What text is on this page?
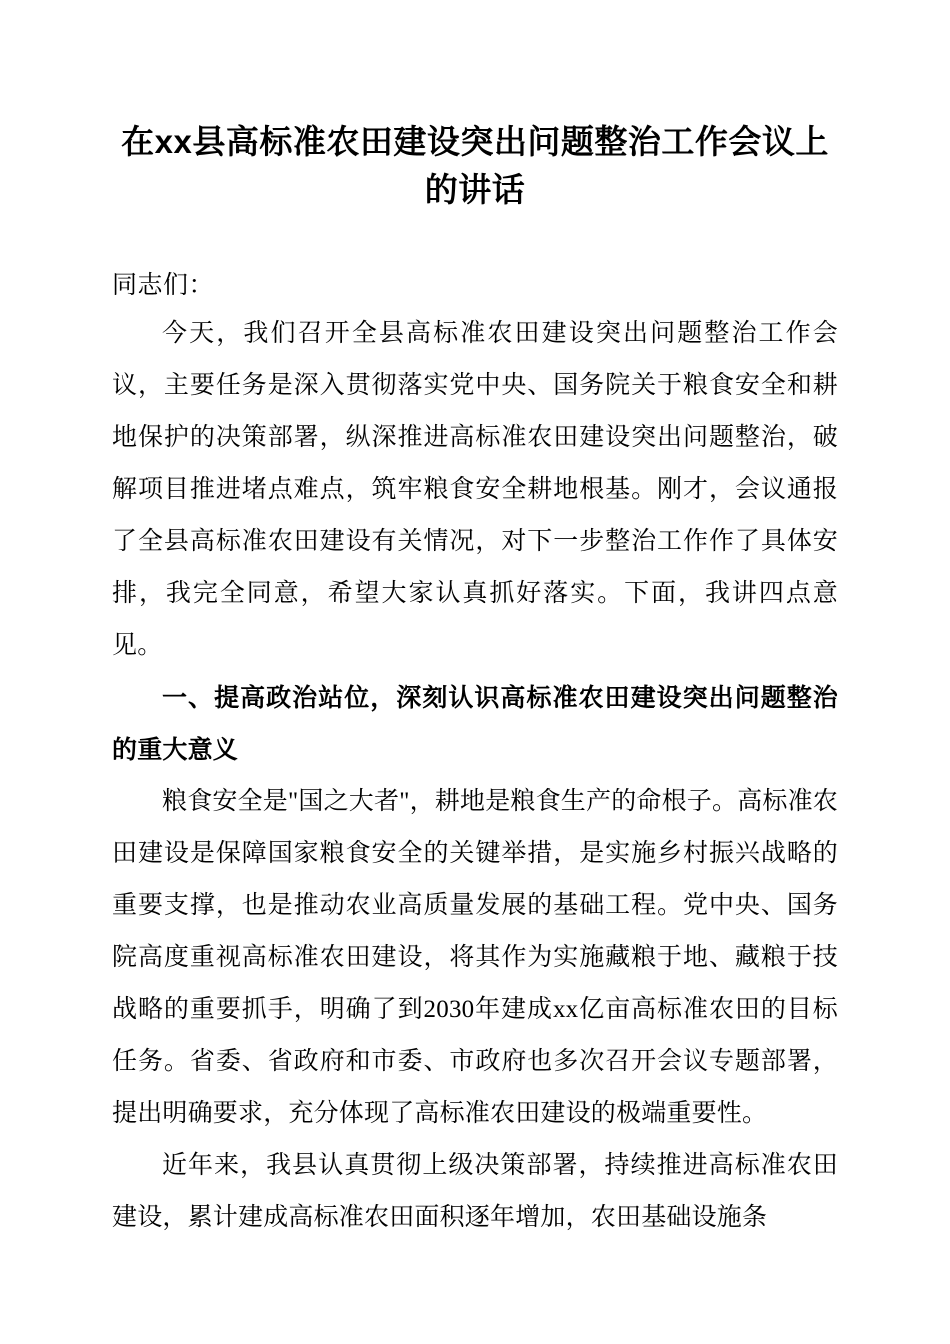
在xx县高标准农田建设突出问题整治工作会议上的讲话

同志们：

今天，我们召开全县高标准农田建设突出问题整治工作会议，主要任务是深入贯彻落实党中央、国务院关于粮食安全和耕地保护的决策部署，纵深推进高标准农田建设突出问题整治，破解项目推进堵点难点，筑牢粮食安全耕地根基。刚才，会议通报了全县高标准农田建设有关情况，对下一步整治工作作了具体安排，我完全同意，希望大家认真抓好落实。下面，我讲四点意见。

一、提高政治站位，深刻认识高标准农田建设突出问题整治的重大意义

粮食安全是"国之大者"，耕地是粮食生产的命根子。高标准农田建设是保障国家粮食安全的关键举措，是实施乡村振兴战略的重要支撑，也是推动农业高质量发展的基础工程。党中央、国务院高度重视高标准农田建设，将其作为实施藏粮于地、藏粮于技战略的重要抓手，明确了到2030年建成xx亿亩高标准农田的目标任务。省委、省政府和市委、市政府也多次召开会议专题部署，提出明确要求，充分体现了高标准农田建设的极端重要性。

近年来，我县认真贯彻上级决策部署，持续推进高标准农田建设，累计建成高标准农田面积逐年增加，农田基础设施条
